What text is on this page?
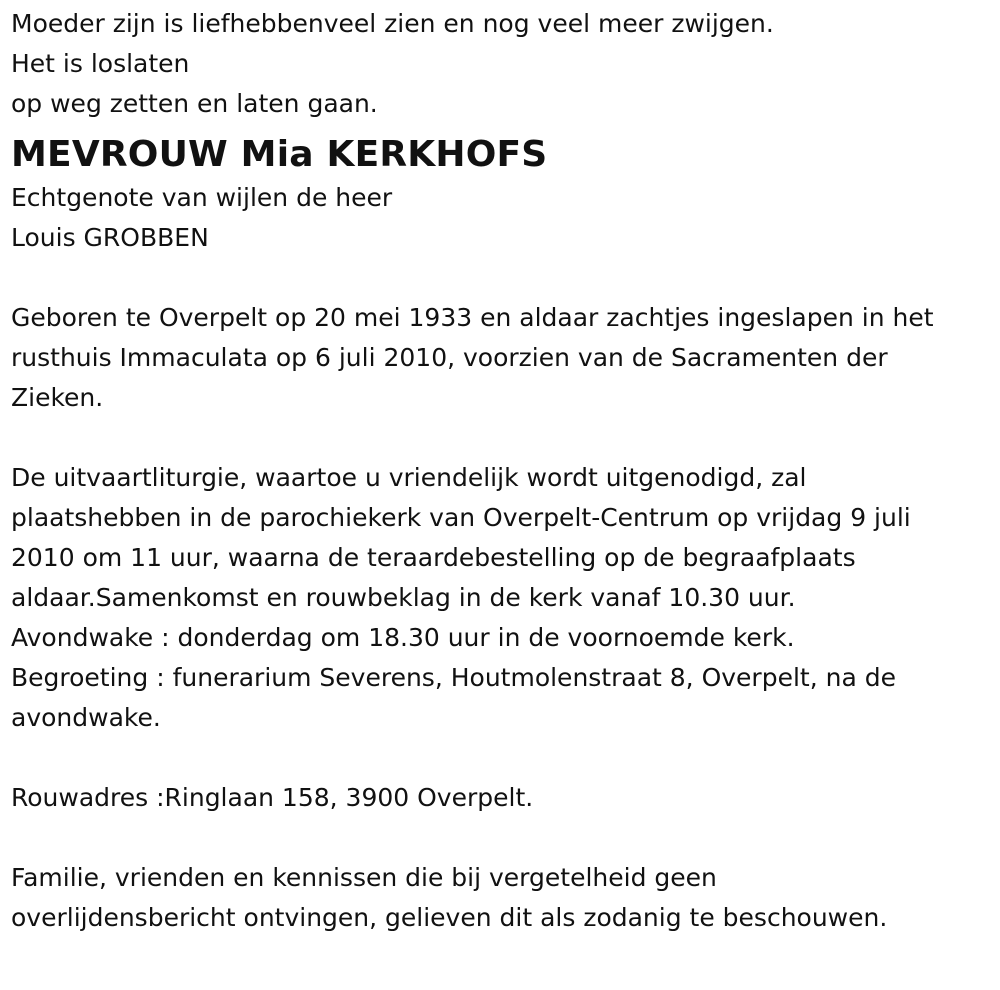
Moeder zijn is liefhebbenveel zien en nog veel meer zwijgen.
Het is loslaten
op weg zetten en laten gaan.
MEVROUW Mia KERKHOFS
Echtgenote van wijlen de heer
Louis GROBBEN
Geboren te Overpelt op 20 mei 1933 en aldaar zachtjes ingeslapen in het
rusthuis Immaculata op 6 juli 2010, voorzien van de Sacramenten der
Zieken.
De uitvaartliturgie, waartoe u vriendelijk wordt uitgenodigd, zal
plaatshebben in de parochiekerk van Overpelt-Centrum op vrijdag 9 juli
2010 om 11 uur, waarna de teraardebestelling op de begraafplaats
aldaar.Samenkomst en rouwbeklag in de kerk vanaf 10.30 uur.
Avondwake : donderdag om 18.30 uur in de voornoemde kerk.
Begroeting : funerarium Severens, Houtmolenstraat 8, Overpelt, na de
avondwake.
Rouwadres :Ringlaan 158, 3900 Overpelt.
Familie, vrienden en kennissen die bij vergetelheid geen
overlijdensbericht ontvingen, gelieven dit als zodanig te beschouwen.
